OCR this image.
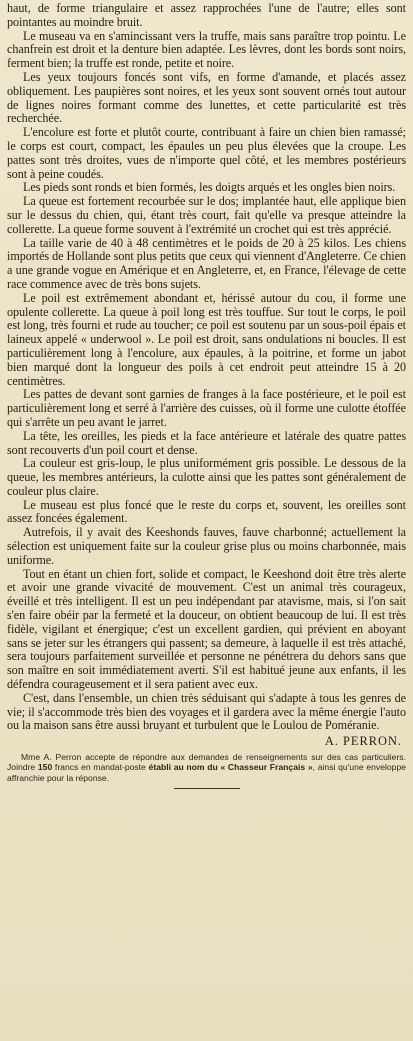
haut, de forme triangulaire et assez rapprochées l'une de l'autre; elles sont pointantes au moindre bruit.

Le museau va en s'amincissant vers la truffe, mais sans paraître trop pointu. Le chanfrein est droit et la denture bien adaptée. Les lèvres, dont les bords sont noirs, ferment bien; la truffe est ronde, petite et noire.

Les yeux toujours foncés sont vifs, en forme d'amande, et placés assez obliquement. Les paupières sont noires, et les yeux sont souvent ornés tout autour de lignes noires formant comme des lunettes, et cette particularité est très recherchée.

L'encolure est forte et plutôt courte, contribuant à faire un chien bien ramassé; le corps est court, compact, les épaules un peu plus élevées que la croupe. Les pattes sont très droites, vues de n'importe quel côté, et les membres postérieurs sont à peine coudés.

Les pieds sont ronds et bien formés, les doigts arqués et les ongles bien noirs.

La queue est fortement recourbée sur le dos; implantée haut, elle applique bien sur le dessus du chien, qui, étant très court, fait qu'elle va presque atteindre la collerette. La queue forme souvent à l'extrémité un crochet qui est très apprécié.

La taille varie de 40 à 48 centimètres et le poids de 20 à 25 kilos. Les chiens importés de Hollande sont plus petits que ceux qui viennent d'Angleterre. Ce chien a une grande vogue en Amérique et en Angleterre, et, en France, l'élevage de cette race commence avec de très bons sujets.

Le poil est extrêmement abondant et, hérissé autour du cou, il forme une opulente collerette. La queue à poil long est très touffue. Sur tout le corps, le poil est long, très fourni et rude au toucher; ce poil est soutenu par un sous-poil épais et laineux appelé « underwool ». Le poil est droit, sans ondulations ni boucles. Il est particulièrement long à l'encolure, aux épaules, à la poitrine, et forme un jabot bien marqué dont la longueur des poils à cet endroit peut atteindre 15 à 20 centimètres.

Les pattes de devant sont garnies de franges à la face postérieure, et le poil est particulièrement long et serré à l'arrière des cuisses, où il forme une culotte étoffée qui s'arrête un peu avant le jarret.

La tête, les oreilles, les pieds et la face antérieure et latérale des quatre pattes sont recouverts d'un poil court et dense.

La couleur est gris-loup, le plus uniformément gris possible. Le dessous de la queue, les membres antérieurs, la culotte ainsi que les pattes sont généralement de couleur plus claire.

Le museau est plus foncé que le reste du corps et, souvent, les oreilles sont assez foncées également.

Autrefois, il y avait des Keeshonds fauves, fauve charbonné; actuellement la sélection est uniquement faite sur la couleur grise plus ou moins charbonnée, mais uniforme.

Tout en étant un chien fort, solide et compact, le Keeshond doit être très alerte et avoir une grande vivacité de mouvement. C'est un animal très courageux, éveillé et très intelligent. Il est un peu indépendant par atavisme, mais, si l'on sait s'en faire obéir par la fermeté et la douceur, on obtient beaucoup de lui. Il est très fidèle, vigilant et énergique; c'est un excellent gardien, qui prévient en aboyant sans se jeter sur les étrangers qui passent; sa demeure, à laquelle il est très attaché, sera toujours parfaitement surveillée et personne ne pénétrera du dehors sans que son maître en soit immédiatement averti. S'il est habitué jeune aux enfants, il les défendra courageusement et il sera patient avec eux.

C'est, dans l'ensemble, un chien très séduisant qui s'adapte à tous les genres de vie; il s'accommode très bien des voyages et il gardera avec la même énergie l'auto ou la maison sans être aussi bruyant et turbulent que le Loulou de Poméranie.

A. PERRON.

Mme A. Perron accepte de répondre aux demandes de renseignements sur des cas particuliers. Joindre 150 francs en mandat-poste établi au nom du « Chasseur Français », ainsi qu'une enveloppe affranchie pour la réponse.
